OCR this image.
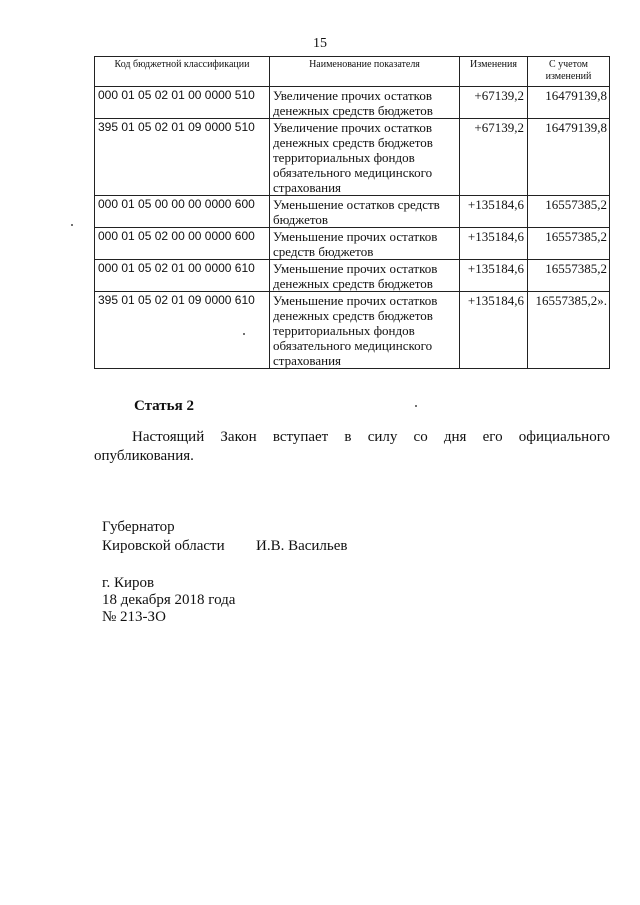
15
Код бюджетной классификации	Наименование показателя	Изменения	С учетом изменений
000 01 05 02 01 00 0000 510	Увеличение прочих остатков денежных средств бюджетов	+67139,2	16479139,8
395 01 05 02 01 09 0000 510	Увеличение прочих остатков денежных средств бюджетов территориальных фондов обязательного медицинского страхования	+67139,2	16479139,8
000 01 05 00 00 00 0000 600	Уменьшение остатков средств бюджетов	+135184,6	16557385,2
000 01 05 02 00 00 0000 600	Уменьшение прочих остатков средств бюджетов	+135184,6	16557385,2
000 01 05 02 01 00 0000 610	Уменьшение прочих остатков денежных средств бюджетов	+135184,6	16557385,2
395 01 05 02 01 09 0000 610	Уменьшение прочих остатков денежных средств бюджетов территориальных фондов обязательного медицинского страхования	+135184,6	16557385,2».
Статья 2
Настоящий Закон вступает в силу со дня его официального опубликования.
Губернатор
Кировской области И.В. Васильев
г. Киров
18 декабря 2018 года
№ 213-ЗО
